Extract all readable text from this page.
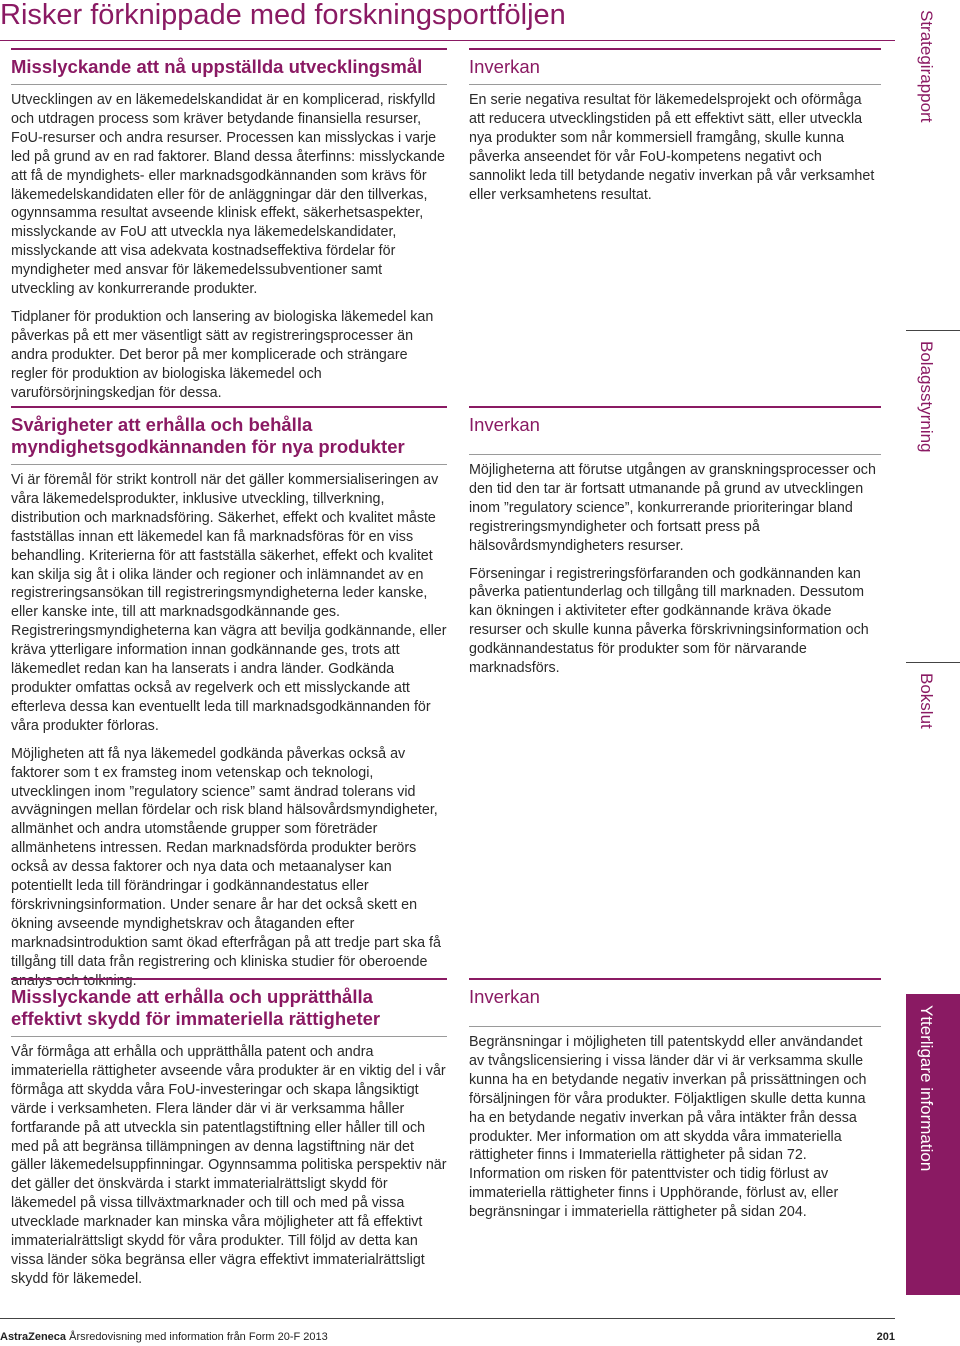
Risker förknippade med forskningsportföljen
Misslyckande att nå uppställda utvecklingsmål

Utvecklingen av en läkemedelskandidat är en komplicerad, riskfylld och utdragen process som kräver betydande finansiella resurser, FoU-resurser och andra resurser. Processen kan misslyckas i varje led på grund av en rad faktorer. Bland dessa återfinns: misslyckande att få de myndighets- eller marknadsgodkännanden som krävs för läkemedelskandidaten eller för de anläggningar där den tillverkas, ogynnsamma resultat avseende klinisk effekt, säkerhetsaspekter, misslyckande av FoU att utveckla nya läkemedelskandidater, misslyckande att visa adekvata kostnadseffektiva fördelar för myndigheter med ansvar för läkemedelssubventioner samt utveckling av konkurrerande produkter.

Tidplaner för produktion och lansering av biologiska läkemedel kan påverkas på ett mer väsentligt sätt av registreringsprocesser än andra produkter. Det beror på mer komplicerade och strängare regler för produktion av biologiska läkemedel och varuförsörjningskedjan för dessa.

Svårigheter att erhålla och behålla myndighetsgodkännanden för nya produkter

Vi är föremål för strikt kontroll när det gäller kommersialiseringen av våra läkemedelsprodukter, inklusive utveckling, tillverkning, distribution och marknadsföring. Säkerhet, effekt och kvalitet måste fastställas innan ett läkemedel kan få marknadsföras för en viss behandling. Kriterierna för att fastställa säkerhet, effekt och kvalitet kan skilja sig åt i olika länder och regioner och inlämnandet av en registreringsansökan till registreringsmyndigheterna leder kanske, eller kanske inte, till att marknadsgodkännande ges. Registreringsmyndigheterna kan vägra att bevilja godkännande, eller kräva ytterligare information innan godkännande ges, trots att läkemedlet redan kan ha lanserats i andra länder. Godkända produkter omfattas också av regelverk och ett misslyckande att efterleva dessa kan eventuellt leda till marknadsgodkännanden för våra produkter förloras.

Möjligheten att få nya läkemedel godkända påverkas också av faktorer som t ex framsteg inom vetenskap och teknologi, utvecklingen inom ”regulatory science” samt ändrad tolerans vid avvägningen mellan fördelar och risk bland hälsovårdsmyndigheter, allmänhet och andra utomstående grupper som företräder allmänhetens intressen. Redan marknadsförda produkter berörs också av dessa faktorer och nya data och metaanalyser kan potentiellt leda till förändringar i godkännandestatus eller förskrivningsinformation. Under senare år har det också skett en ökning avseende myndighetskrav och åtaganden efter marknadsintroduktion samt ökad efterfrågan på att tredje part ska få tillgång till data från registrering och kliniska studier för oberoende analys och tolkning.

Misslyckande att erhålla och upprätthålla effektivt skydd för immateriella rättigheter

Vår förmåga att erhålla och upprätthålla patent och andra immateriella rättigheter avseende våra produkter är en viktig del i vår förmåga att skydda våra FoU-investeringar och skapa långsiktigt värde i verksamheten. Flera länder där vi är verksamma håller fortfarande på att utveckla sin patentlagstiftning eller håller till och med på att begränsa tillämpningen av denna lagstiftning när det gäller läkemedelsuppfinningar. Ogynnsamma politiska perspektiv när det gäller det önskvärda i starkt immaterialrättsligt skydd för läkemedel på vissa tillväxtmarknader och till och med på vissa utvecklade marknader kan minska våra möjligheter att få effektivt immaterialrättsligt skydd för våra produkter. Till följd av detta kan vissa länder söka begränsa eller vägra effektivt immaterialrättsligt skydd för läkemedel.

Inverkan

En serie negativa resultat för läkemedelsprojekt och oförmåga att reducera utvecklingstiden på ett effektivt sätt, eller utveckla nya produkter som når kommersiell framgång, skulle kunna påverka anseendet för vår FoU-kompetens negativt och sannolikt leda till betydande negativ inverkan på vår verksamhet eller verksamhetens resultat.

Inverkan

Möjligheterna att förutse utgången av granskningsprocesser och den tid den tar är fortsatt utmanande på grund av utvecklingen inom ”regulatory science”, konkurrerande prioriteringar bland registreringsmyndigheter och fortsatt press på hälsovårdsmyndigheters resurser.

Förseningar i registreringsförfaranden och godkännanden kan påverka patientunderlag och tillgång till marknaden. Dessutom kan ökningen i aktiviteter efter godkännande kräva ökade resurser och skulle kunna påverka förskrivningsinformation och godkännandestatus för produkter som för närvarande marknadsförs.

Inverkan

Begränsningar i möjligheten till patentskydd eller användandet av tvångslicensiering i vissa länder där vi är verksamma skulle kunna ha en betydande negativ inverkan på prissättningen och försäljningen för våra produkter. Följaktligen skulle detta kunna ha en betydande negativ inverkan på våra intäkter från dessa produkter. Mer information om att skydda våra immateriella rättigheter finns i Immateriella rättigheter på sidan 72. Information om risken för patenttvister och tidig förlust av immateriella rättigheter finns i Upphörande, förlust av, eller begränsningar i immateriella rättigheter på sidan 204.

Strategirapport
Bolagsstyrning
Bokslut
Ytterligare information
AstraZeneca Årsredovisning med information från Form 20-F 2013	201
